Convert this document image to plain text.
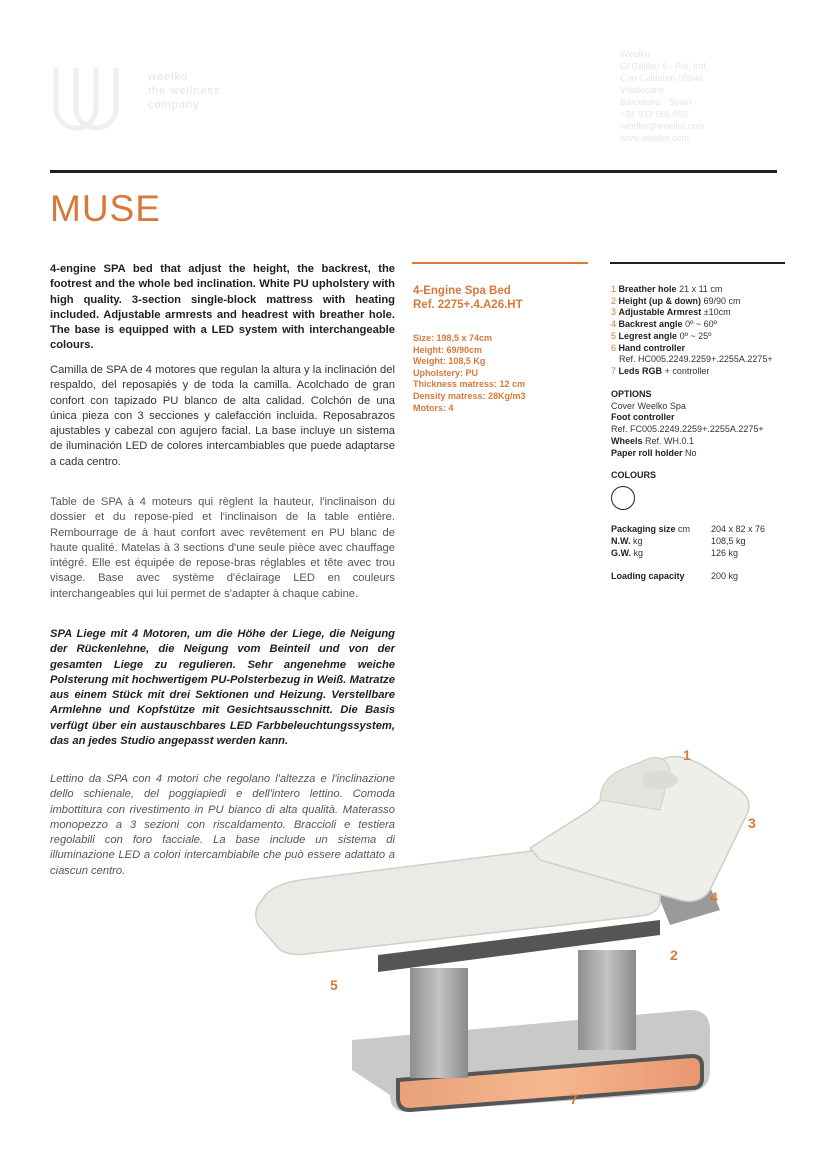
weelko
the wellness
company
Weelko
C/ Galileu 6 - Pol. Ind.
Can Calderon 08840
Viladecans
Barcelona - Spain
+34 933 666 950
weelko@weelko.com
www.weelko.com
MUSE
4-engine SPA bed that adjust the height, the backrest, the footrest and the whole bed inclination. White PU upholstery with high quality. 3-section single-block mattress with heating included. Adjustable armrests and headrest with breather hole. The base is equipped with a LED system with interchangeable colours.
Camilla de SPA de 4 motores que regulan la altura y la inclinación del respaldo, del reposapiés y de toda la camilla. Acolchado de gran confort con tapizado PU blanco de alta calidad. Colchón de una única pieza con 3 secciones y calefacción incluida. Reposabrazos ajustables y cabezal con agujero facial. La base incluye un sistema de iluminación LED de colores intercambiables que puede adaptarse a cada centro.
Table de SPA à 4 moteurs qui règlent la hauteur, l'inclinaison du dossier et du repose-pied et l'inclinaison de la table entière. Rembourrage de à haut confort avec revêtement en PU blanc de haute qualité. Matelas à 3 sections d'une seule pièce avec chauffage intégré. Elle est équipée de repose-bras réglables et tête avec trou visage. Base avec système d'éclairage LED en couleurs interchangeables qui lui permet de s'adapter à chaque cabine.
SPA Liege mit 4 Motoren, um die Höhe der Liege, die Neigung der Rückenlehne, die Neigung vom Beinteil und von der gesamten Liege zu regulieren. Sehr angenehme weiche Polsterung mit hochwertigem PU-Polsterbezug in Weiß. Matratze aus einem Stück mit drei Sektionen und Heizung. Verstellbare Armlehne und Kopfstütze mit Gesichtsausschnitt. Die Basis verfügt über ein austauschbares LED Farbbeleuchtungssystem, das an jedes Studio angepasst werden kann.
Lettino da SPA con 4 motori che regolano l'altezza e l'inclinazione dello schienale, del poggiapiedi e dell'intero lettino. Comoda imbottitura con rivestimento in PU bianco di alta qualità. Materasso monopezzo a 3 sezioni con riscaldamento. Braccioli e testiera regolabili con foro facciale. La base include un sistema di illuminazione LED a colori intercambiabile che può essere adattato a ciascun centro.
4-Engine Spa Bed
Ref. 2275+.4.A26.HT
Size: 198,5 x 74cm
Height: 69/90cm
Weight: 108,5 Kg
Upholstery: PU
Thickness matress: 12 cm
Density matress: 28Kg/m3
Motors: 4
1 Breather hole 21 x 11 cm
2 Height (up & down) 69/90 cm
3 Adjustable Armrest ±10cm
4 Backrest angle 0º ~ 60º
5 Legrest angle 0º ~ 25º
6 Hand controller
Ref. HC005.2249.2259+.2255A.2275+
7 Leds RGB + controller
OPTIONS
Cover Weelko Spa
Foot controller
Ref. FC005.2249.2259+.2255A.2275+
Wheels Ref. WH.0.1
Paper roll holder No
COLOURS
Packaging size cm 204 x 82 x 76
N.W. kg	108,5 kg
G.W. kg	126 kg
Loading capacity	200 kg
1
2
3
4
5
7
